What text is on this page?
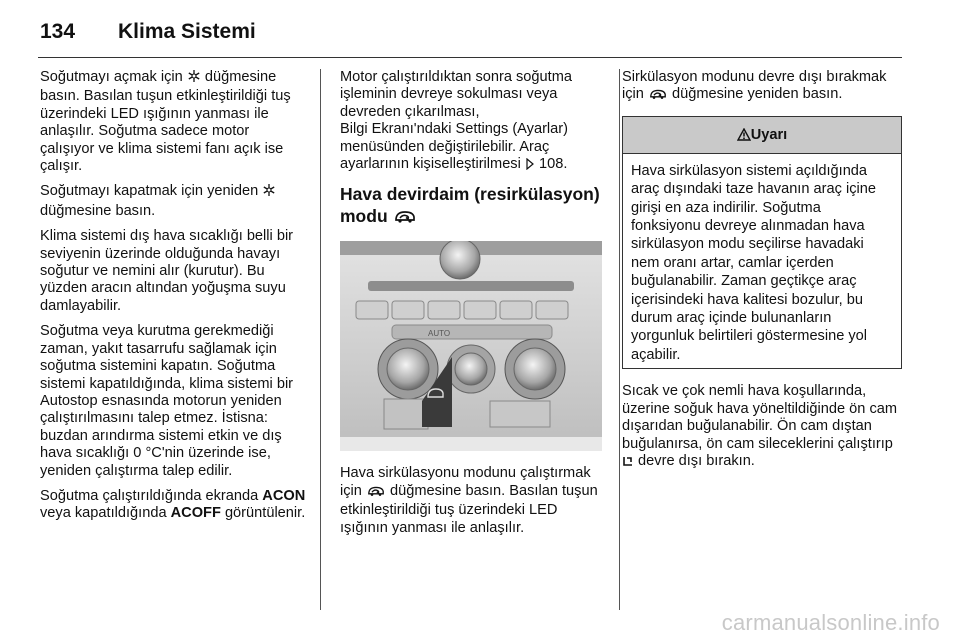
134 Klima Sistemi

Soğutmayı açmak için  düğmesine basın. Basılan tuşun etkinleştirildiği tuş üzerindeki LED ışığının yanması ile anlaşılır. Soğutma sadece motor çalışıyor ve klima sistemi fanı açık ise çalışır.

Soğutmayı kapatmak için yeniden  düğmesine basın.

Klima sistemi dış hava sıcaklığı belli bir seviyenin üzerinde olduğunda havayı soğutur ve nemini alır (kurutur). Bu yüzden aracın altından yoğuşma suyu damlayabilir.

Soğutma veya kurutma gerekmediği zaman, yakıt tasarrufu sağlamak için soğutma sistemini kapatın. Soğutma sistemi kapatıldığında, klima sistemi bir Autostop esnasında motorun yeniden çalıştırılmasını talep etmez. İstisna: buzdan arındırma sistemi etkin ve dış hava sıcaklığı 0 °C'nin üzerinde ise, yeniden çalıştırma talep edilir.

Soğutma çalıştırıldığında ekranda ACON veya kapatıldığında ACOFF görüntülenir.

Motor çalıştırıldıktan sonra soğutma işleminin devreye sokulması veya devreden çıkarılması,
Bilgi Ekranı'ndaki Settings (Ayarlar) menüsünden değiştirilebilir. Araç ayarlarının kişiselleştirilmesi  108.

Hava devirdaim (resirkülasyon) modu
AUTO

Hava sirkülasyonu modunu çalıştırmak için  düğmesine basın. Basılan tuşun etkinleştirildiği tuş üzerindeki LED ışığının yanması ile anlaşılır.

Sirkülasyon modunu devre dışı bırakmak için  düğmesine yeniden basın.

Uyarı
Hava sirkülasyon sistemi açıldığında araç dışındaki taze havanın araç içine girişi en aza indirilir. Soğutma fonksiyonu devreye alınmadan hava sirkülasyon modu seçilirse havadaki nem oranı artar, camlar içerden buğulanabilir. Zaman geçtikçe araç içerisindeki hava kalitesi bozulur, bu durum araç içinde bulunanların yorgunluk belirtileri göstermesine yol açabilir.

Sıcak ve çok nemli hava koşullarında, üzerine soğuk hava yöneltildiğinde ön cam dışarıdan buğulanabilir. Ön cam dıştan buğulanırsa, ön cam sileceklerini çalıştırıp  devre dışı bırakın.

carmanualsonline.info
